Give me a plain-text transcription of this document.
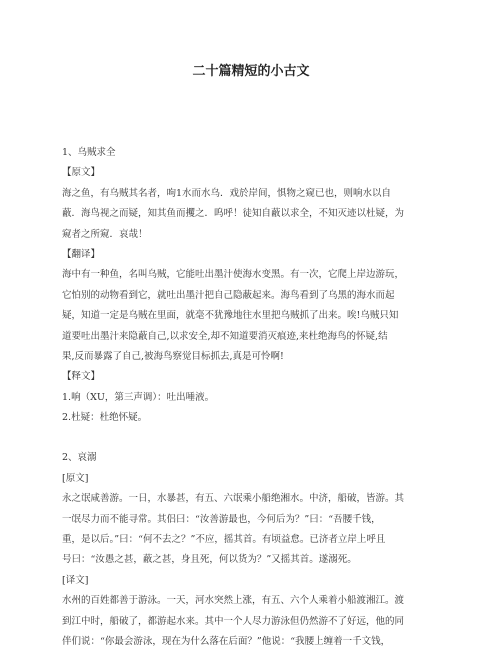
二十篇精短的小古文

1、乌贼求全

【原文】

海之鱼，有乌贼其名者，呴1水而水乌．戏於岸间，惧物之窥已也，则响水以自

蔽．海鸟视之而疑，知其鱼而攫之．呜呼！徒知自蔽以求全，不知灭迹以杜疑，为

窥者之所窥．哀哉！

【翻译】

海中有一种鱼，名叫乌贼，它能吐出墨汁使海水变黑。有一次，它爬上岸边游玩，

它怕别的动物看到它，就吐出墨汁把自己隐蔽起来。海鸟看到了乌黑的海水而起

疑，知道一定是乌贼在里面，就毫不犹豫地往水里把乌贼抓了出来。唉!乌贼只知

道要吐出墨汁来隐蔽自己,以求安全,却不知道要消灭痕迹,来杜绝海鸟的怀疑,结

果,反而暴露了自己,被海鸟察觉目标抓去,真是可怜啊!

【释文】

1.响（XU，第三声调）：吐出唾液。

2.杜疑：杜绝怀疑。

2、哀溺

[原文]

永之氓咸善游。一日，水暴甚，有五、六氓乘小船绝湘水。中济，船破，皆游。其

一氓尽力而不能寻常。其侣曰：“汝善游最也，今何后为？”曰：“吾腰千钱，

重，是以后。”曰：“何不去之？”不应，摇其首。有顷益怠。已济者立岸上呼且

号曰：“汝愚之甚，蔽之甚，身且死，何以货为？”又摇其首。遂溺死。

[译文]

水州的百姓都善于游泳。一天，河水突然上涨，有五、六个人乘着小船渡湘江。渡

到江中时，船破了，都游起水来。其中一个人尽力游泳但仍然游不了好远，他的同

伴们说：“你最会游泳，现在为什么落在后面？”他说：“我腰上缠着一千文钱，
